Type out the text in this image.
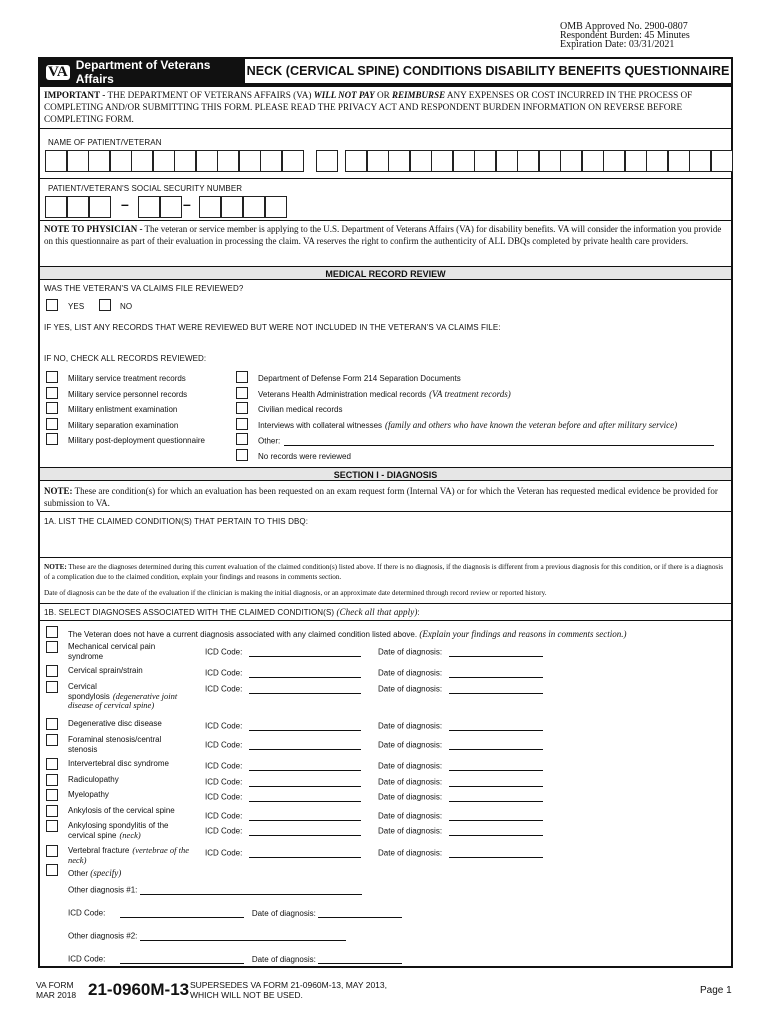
OMB Approved No. 2900-0807
Respondent Burden: 45 Minutes
Expiration Date: 03/31/2021
VA Department of Veterans Affairs
NECK (CERVICAL SPINE) CONDITIONS DISABILITY BENEFITS QUESTIONNAIRE
IMPORTANT - THE DEPARTMENT OF VETERANS AFFAIRS (VA) WILL NOT PAY OR REIMBURSE ANY EXPENSES OR COST INCURRED IN THE PROCESS OF COMPLETING AND/OR SUBMITTING THIS FORM. PLEASE READ THE PRIVACY ACT AND RESPONDENT BURDEN INFORMATION ON REVERSE BEFORE COMPLETING FORM.
NAME OF PATIENT/VETERAN
PATIENT/VETERAN'S SOCIAL SECURITY NUMBER
–	–
NOTE TO PHYSICIAN - The veteran or service member is applying to the U.S. Department of Veterans Affairs (VA) for disability benefits. VA will consider the information you provide on this questionnaire as part of their evaluation in processing the claim. VA reserves the right to confirm the authenticity of ALL DBQs completed by private health care providers.
MEDICAL RECORD REVIEW
WAS THE VETERAN'S VA CLAIMS FILE REVIEWED?
YES	NO
IF YES, LIST ANY RECORDS THAT WERE REVIEWED BUT WERE NOT INCLUDED IN THE VETERAN'S VA CLAIMS FILE:
IF NO, CHECK ALL RECORDS REVIEWED:
Military service treatment records
Military service personnel records
Military enlistment examination
Military separation examination
Military post-deployment questionnaire
Department of Defense Form 214 Separation Documents
Veterans Health Administration medical records (VA treatment records)
Civilian medical records
Interviews with collateral witnesses (family and others who have known the veteran before and after military service)
Other:
No records were reviewed
SECTION I - DIAGNOSIS
NOTE: These are condition(s) for which an evaluation has been requested on an exam request form (Internal VA) or for which the Veteran has requested medical evidence be provided for submission to VA.
1A. LIST THE CLAIMED CONDITION(S) THAT PERTAIN TO THIS DBQ:
NOTE: These are the diagnoses determined during this current evaluation of the claimed condition(s) listed above. If there is no diagnosis, if the diagnosis is different from a previous diagnosis for this condition, or if there is a diagnosis of a complication due to the claimed condition, explain your findings and reasons in comments section.
Date of diagnosis can be the date of the evaluation if the clinician is making the initial diagnosis, or an approximate date determined through record review or reported history.
1B. SELECT DIAGNOSES ASSOCIATED WITH THE CLAIMED CONDITION(S) (Check all that apply):
The Veteran does not have a current diagnosis associated with any claimed condition listed above. (Explain your findings and reasons in comments section.)
Mechanical cervical pain syndrome	ICD Code:	Date of diagnosis:
Cervical sprain/strain	ICD Code:	Date of diagnosis:
Cervical spondylosis (degenerative joint disease of cervical spine)
ICD Code:	Date of diagnosis:
Degenerative disc disease	ICD Code:	Date of diagnosis:
Foraminal stenosis/central stenosis	ICD Code:	Date of diagnosis:
Intervertebral disc syndrome	ICD Code:	Date of diagnosis:
Radiculopathy	ICD Code:	Date of diagnosis:
Myelopathy	ICD Code:	Date of diagnosis:
Ankylosis of the cervical spine
ICD Code:	Date of diagnosis:
Ankylosing spondylitis of the cervical spine (neck)	ICD Code:	Date of diagnosis:
Vertebral fracture (vertebrae of the neck)
ICD Code:	Date of diagnosis:
Other (specify)
Other diagnosis #1:
ICD Code:	Date of diagnosis:
Other diagnosis #2:
ICD Code:	Date of diagnosis:
VA FORM
MAR 2018 21-0960M-13 SUPERSEDES VA FORM 21-0960M-13, MAY 2013,
WHICH WILL NOT BE USED.	Page 1
